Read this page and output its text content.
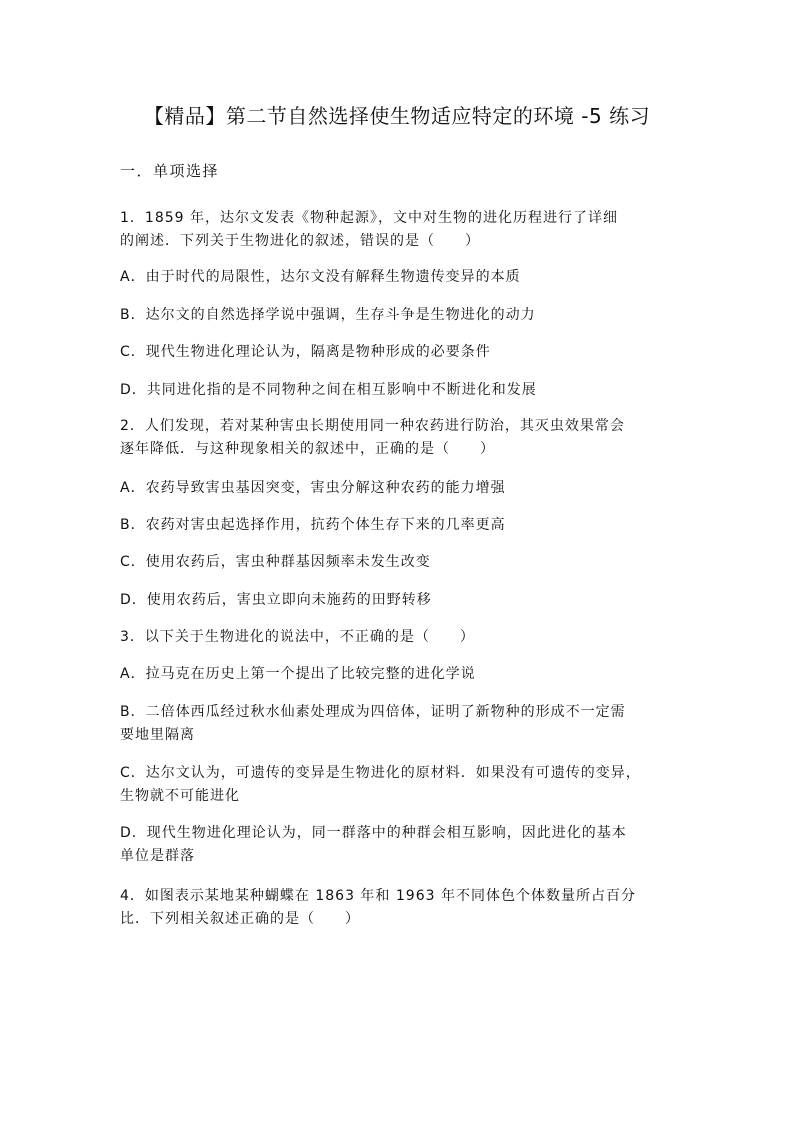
【精品】第二节自然选择使生物适应特定的环境 -5 练习
一．单项选择
1．1859 年，达尔文发表《物种起源》，文中对生物的进化历程进行了详细
的阐述．下列关于生物进化的叙述，错误的是（　　）
A．由于时代的局限性，达尔文没有解释生物遗传变异的本质
B．达尔文的自然选择学说中强调，生存斗争是生物进化的动力
C．现代生物进化理论认为，隔离是物种形成的必要条件
D．共同进化指的是不同物种之间在相互影响中不断进化和发展
2．人们发现，若对某种害虫长期使用同一种农药进行防治，其灭虫效果常会
逐年降低．与这种现象相关的叙述中，正确的是（　　）
A．农药导致害虫基因突变，害虫分解这种农药的能力增强
B．农药对害虫起选择作用，抗药个体生存下来的几率更高
C．使用农药后，害虫种群基因频率未发生改变
D．使用农药后，害虫立即向未施药的田野转移
3．以下关于生物进化的说法中，不正确的是（　　）
A．拉马克在历史上第一个提出了比较完整的进化学说
B．二倍体西瓜经过秋水仙素处理成为四倍体，证明了新物种的形成不一定需
要地里隔离
C．达尔文认为，可遗传的变异是生物进化的原材料．如果没有可遗传的变异，
生物就不可能进化
D．现代生物进化理论认为，同一群落中的种群会相互影响，因此进化的基本
单位是群落
4．如图表示某地某种蝴蝶在 1863 年和 1963 年不同体色个体数量所占百分
比．下列相关叙述正确的是（　　）
